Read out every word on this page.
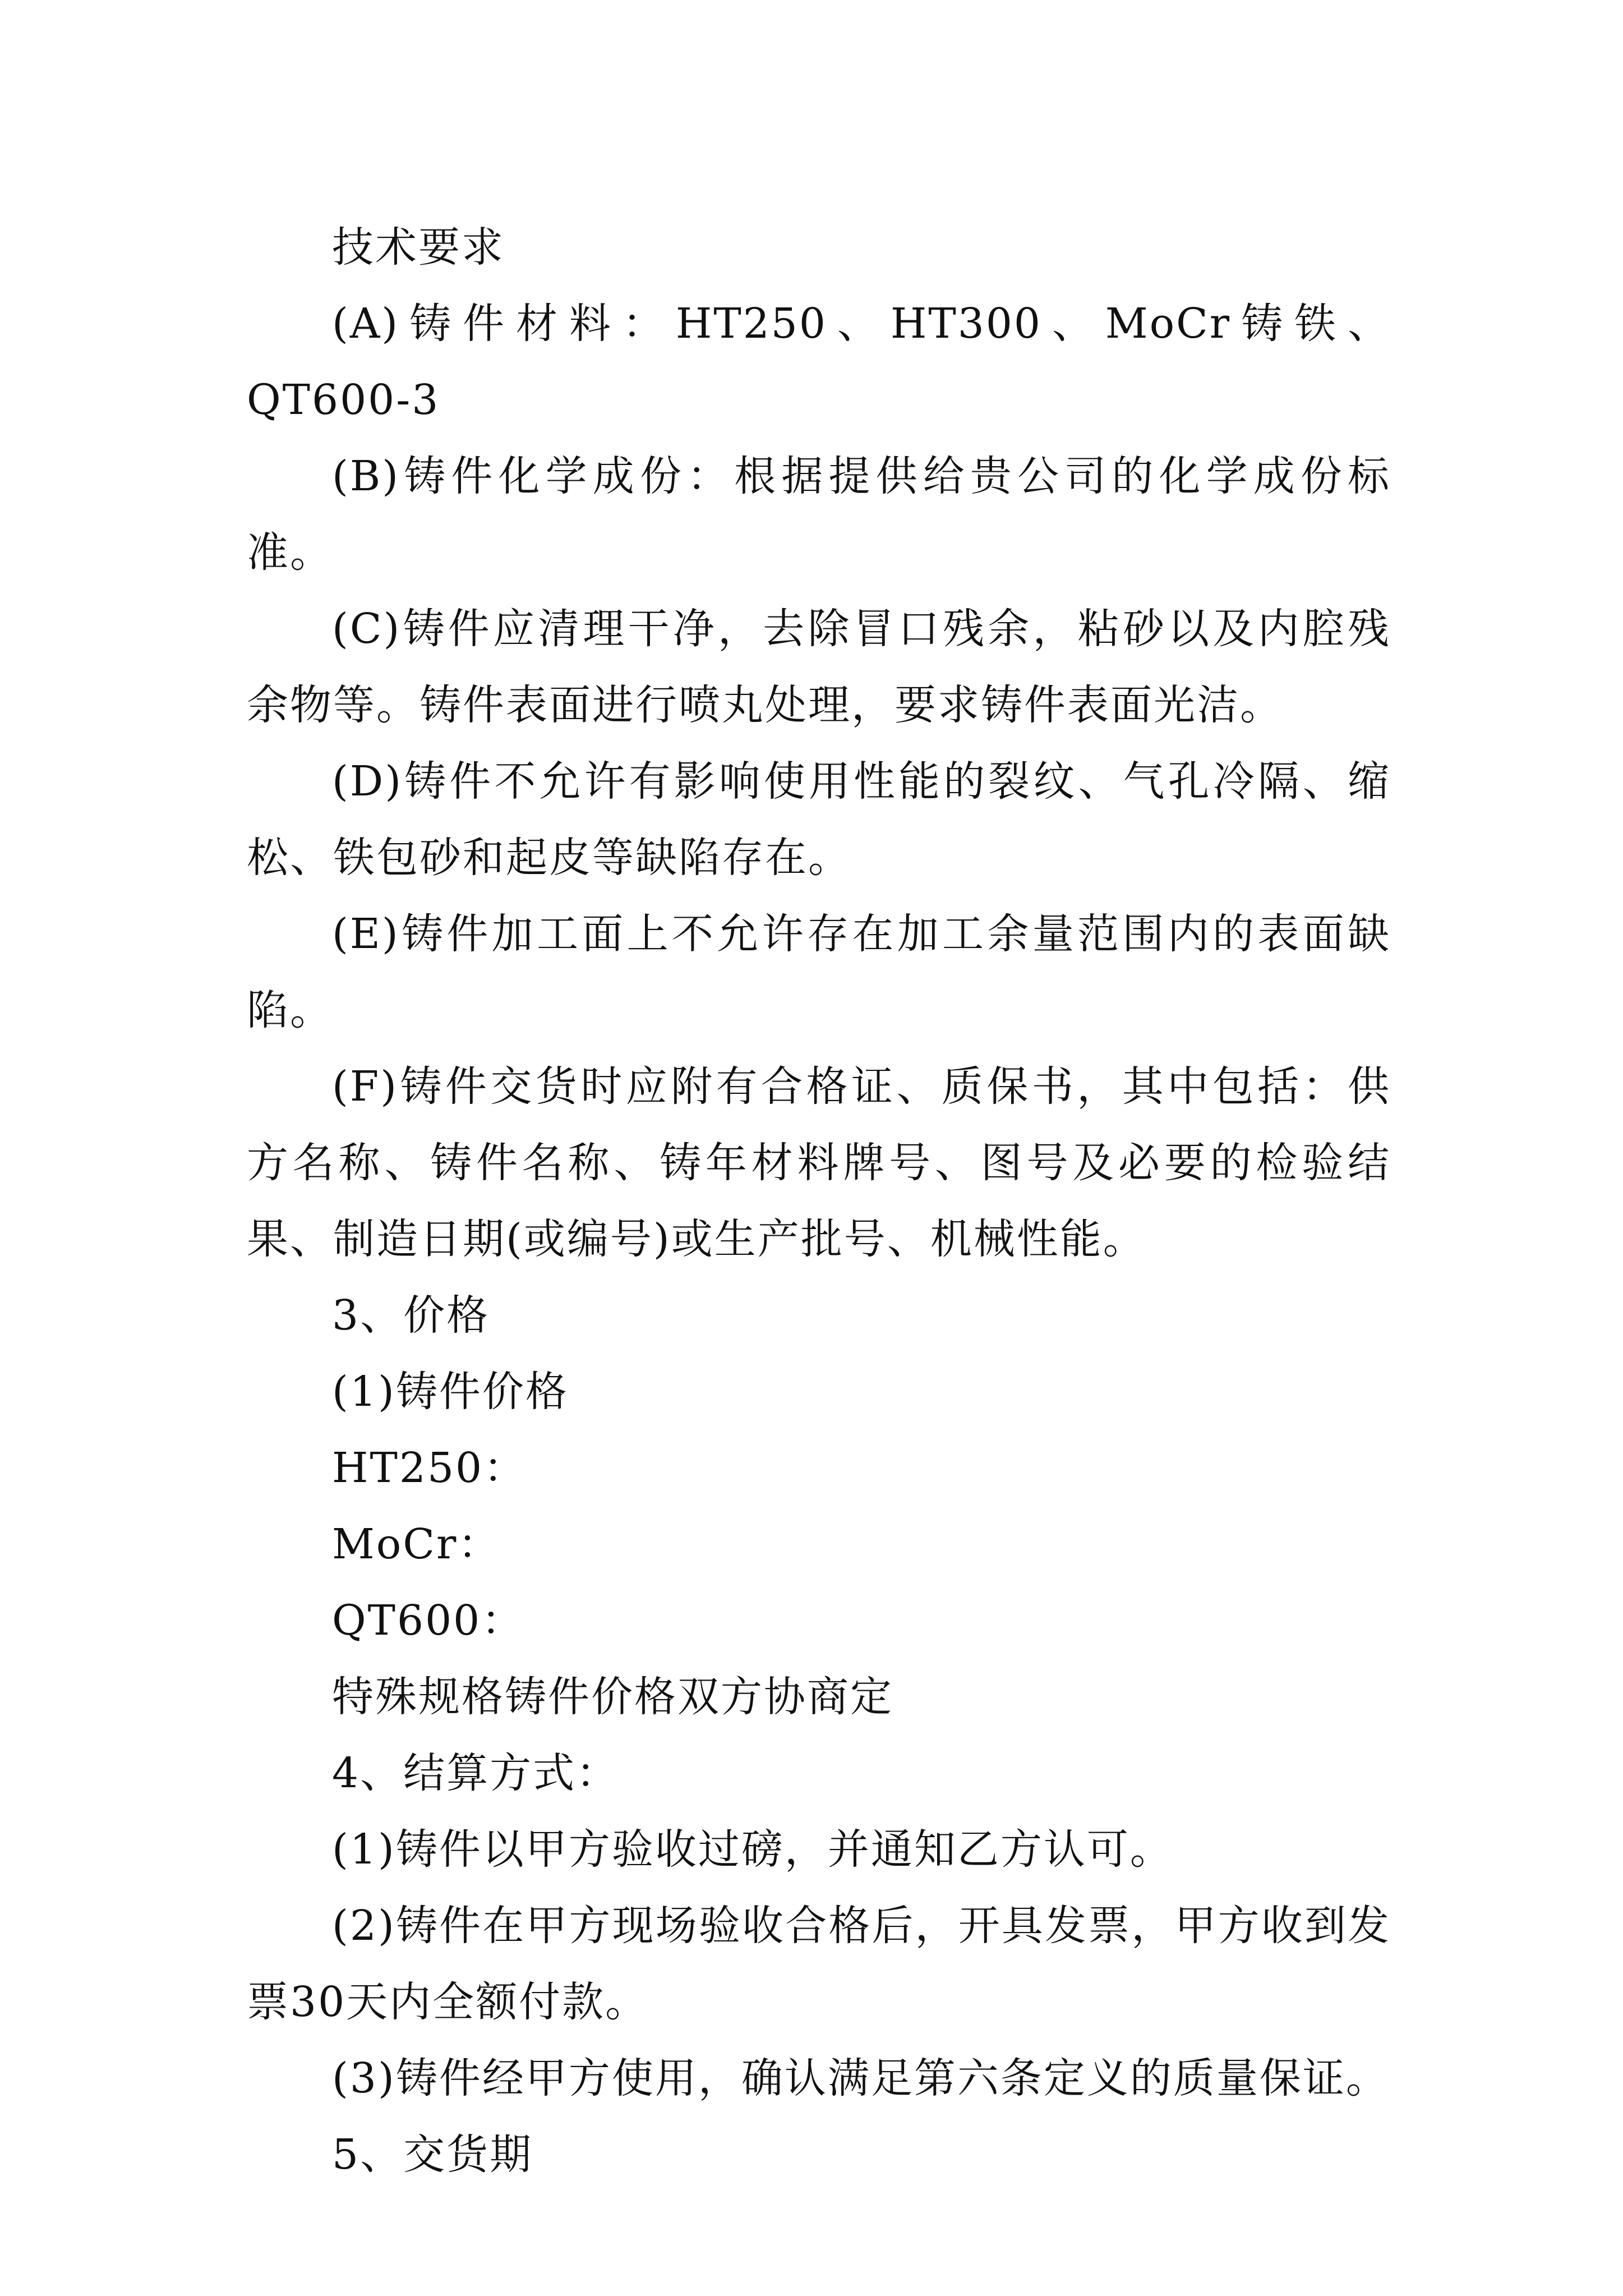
技术要求

(A)铸件材料：HT250、HT300、MoCr铸铁、QT600-3

(B)铸件化学成份：根据提供给贵公司的化学成份标准。

(C)铸件应清理干净，去除冒口残余，粘砂以及内腔残余物等。铸件表面进行喷丸处理，要求铸件表面光洁。

(D)铸件不允许有影响使用性能的裂纹、气孔冷隔、缩松、铁包砂和起皮等缺陷存在。

(E)铸件加工面上不允许存在加工余量范围内的表面缺陷。

(F)铸件交货时应附有合格证、质保书，其中包括：供方名称、铸件名称、铸年材料牌号、图号及必要的检验结果、制造日期(或编号)或生产批号、机械性能。

3、价格

(1)铸件价格

HT250：

MoCr：

QT600：

特殊规格铸件价格双方协商定

4、结算方式：

(1)铸件以甲方验收过磅，并通知乙方认可。

(2)铸件在甲方现场验收合格后，开具发票，甲方收到发票30天内全额付款。

(3)铸件经甲方使用，确认满足第六条定义的质量保证。

5、交货期
